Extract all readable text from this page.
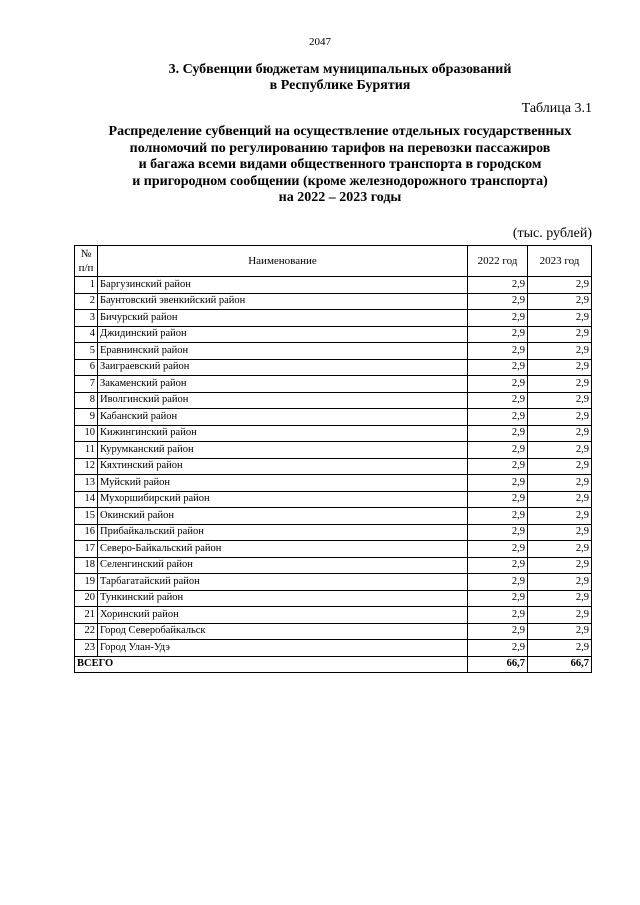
2047
3. Субвенции бюджетам муниципальных образований
в Республике Бурятия
Таблица 3.1
Распределение субвенций на осуществление отдельных государственных
полномочий по регулированию тарифов на перевозки пассажиров
и багажа всеми видами общественного транспорта в городском
и пригородном сообщении (кроме железнодорожного транспорта)
на 2022 – 2023 годы
(тыс. рублей)
№
п/п	Наименование	2022 год	2023 год
1	Баргузинский район	2,9	2,9
2	Баунтовский эвенкийский район	2,9	2,9
3	Бичурский район	2,9	2,9
4	Джидинский район	2,9	2,9
5	Еравнинский район	2,9	2,9
6	Заиграевский район	2,9	2,9
7	Закаменский район	2,9	2,9
8	Иволгинский район	2,9	2,9
9	Кабанский район	2,9	2,9
10	Кижингинский район	2,9	2,9
11	Курумканский район	2,9	2,9
12	Кяхтинский район	2,9	2,9
13	Муйский район	2,9	2,9
14	Мухоршибирский район	2,9	2,9
15	Окинский район	2,9	2,9
16	Прибайкальский район	2,9	2,9
17	Северо-Байкальский район	2,9	2,9
18	Селенгинский район	2,9	2,9
19	Тарбагатайский район	2,9	2,9
20	Тункинский район	2,9	2,9
21	Хоринский район	2,9	2,9
22	Город Северобайкальск	2,9	2,9
23	Город Улан-Удэ	2,9	2,9
ВСЕГО		66,7	66,7
